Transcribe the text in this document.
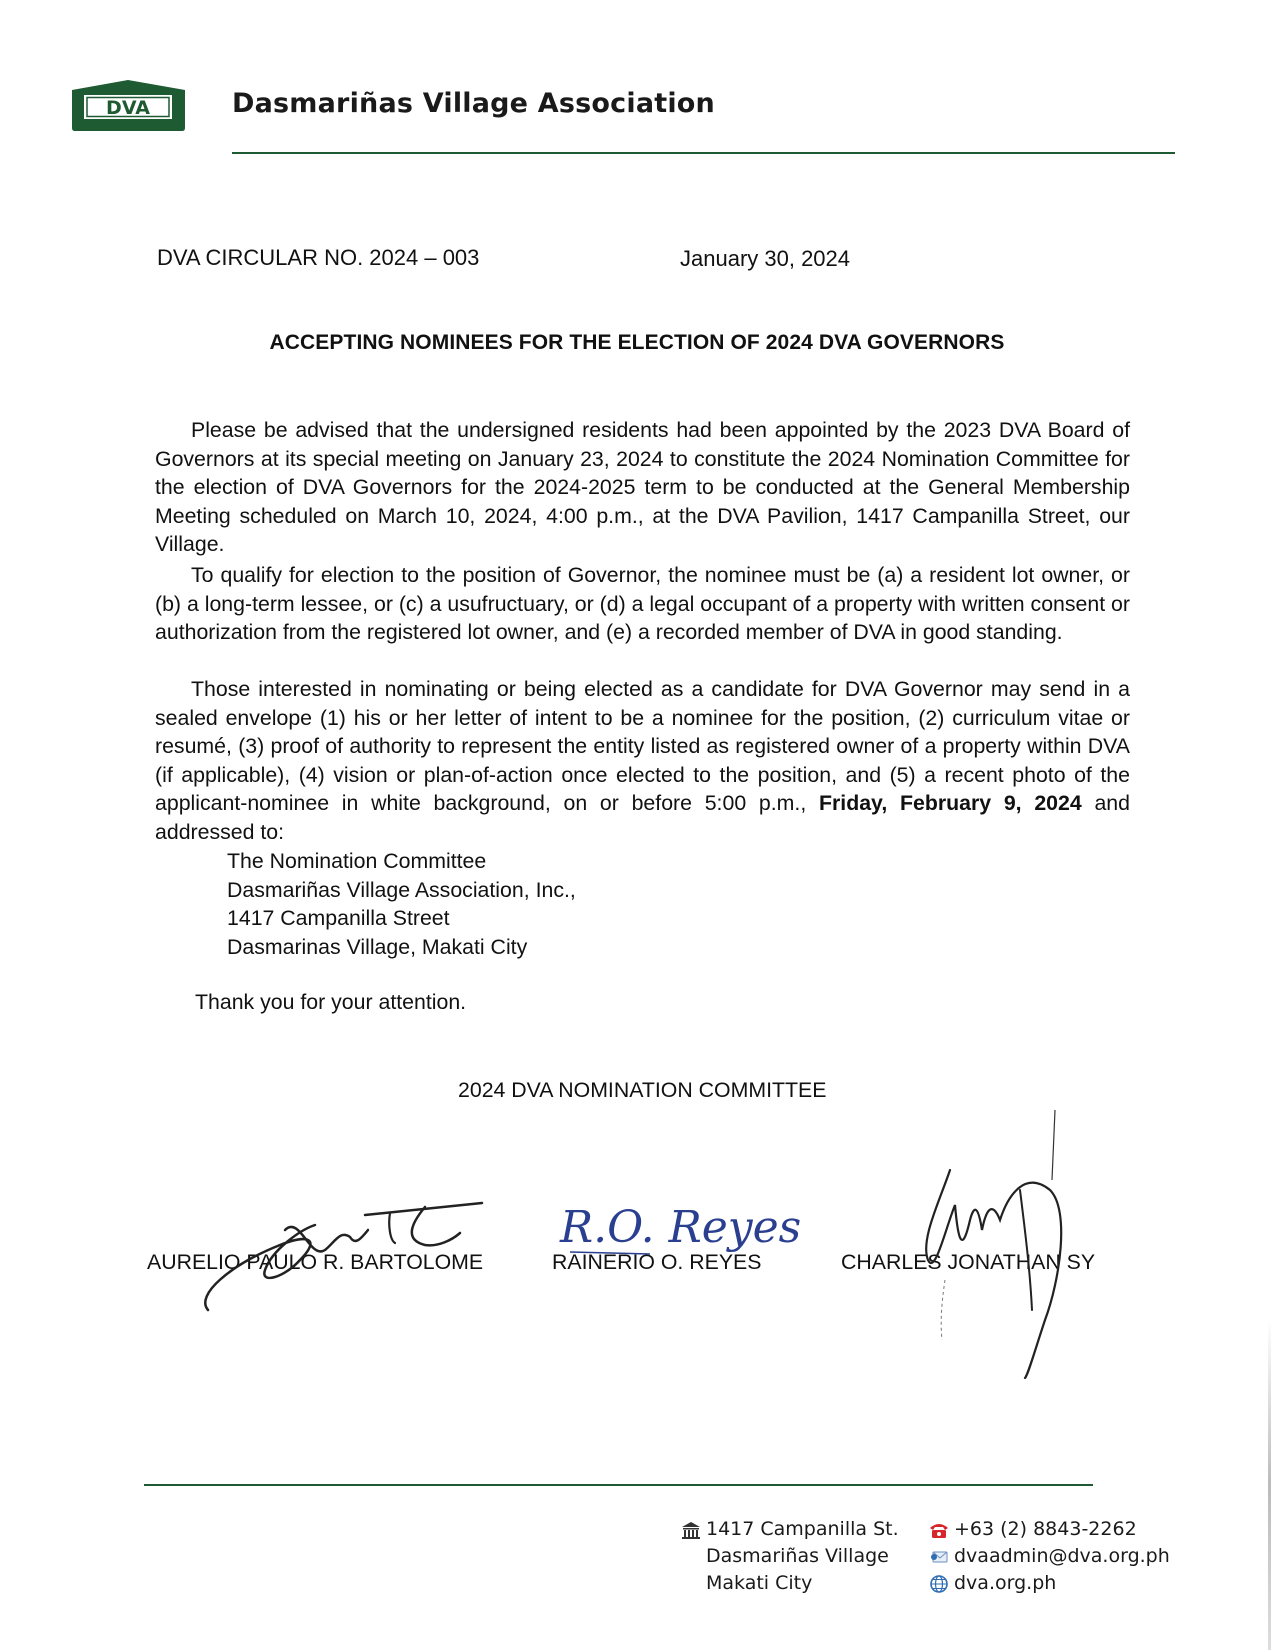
DVA	Dasmariñas Village Association
DVA CIRCULAR NO. 2024 – 003	January 30, 2024
ACCEPTING NOMINEES FOR THE ELECTION OF 2024 DVA GOVERNORS

Please be advised that the undersigned residents had been appointed by the 2023 DVA Board of Governors at its special meeting on January 23, 2024 to constitute the 2024 Nomination Committee for the election of DVA Governors for the 2024-2025 term to be conducted at the General Membership Meeting scheduled on March 10, 2024, 4:00 p.m., at the DVA Pavilion, 1417 Campanilla Street, our Village.

To qualify for election to the position of Governor, the nominee must be (a) a resident lot owner, or (b) a long-term lessee, or (c) a usufructuary, or (d) a legal occupant of a property with written consent or authorization from the registered lot owner, and (e) a recorded member of DVA in good standing.

Those interested in nominating or being elected as a candidate for DVA Governor may send in a sealed envelope (1) his or her letter of intent to be a nominee for the position, (2) curriculum vitae or resumé, (3) proof of authority to represent the entity listed as registered owner of a property within DVA (if applicable), (4) vision or plan-of-action once elected to the position, and (5) a recent photo of the applicant-nominee in white background, on or before 5:00 p.m., Friday, February 9, 2024 and addressed to:

The Nomination Committee
Dasmariñas Village Association, Inc.,
1417 Campanilla Street
Dasmarinas Village, Makati City
Thank you for your attention.
2024 DVA NOMINATION COMMITTEE
AURELIO PAULO R. BARTOLOME	RAINERIO O. REYES	CHARLES JONATHAN SY
R.O. Reyes
1417 Campanilla St.
Dasmariñas Village
Makati City
+63 (2) 8843-2262
dvaadmin@dva.org.ph
dva.org.ph
